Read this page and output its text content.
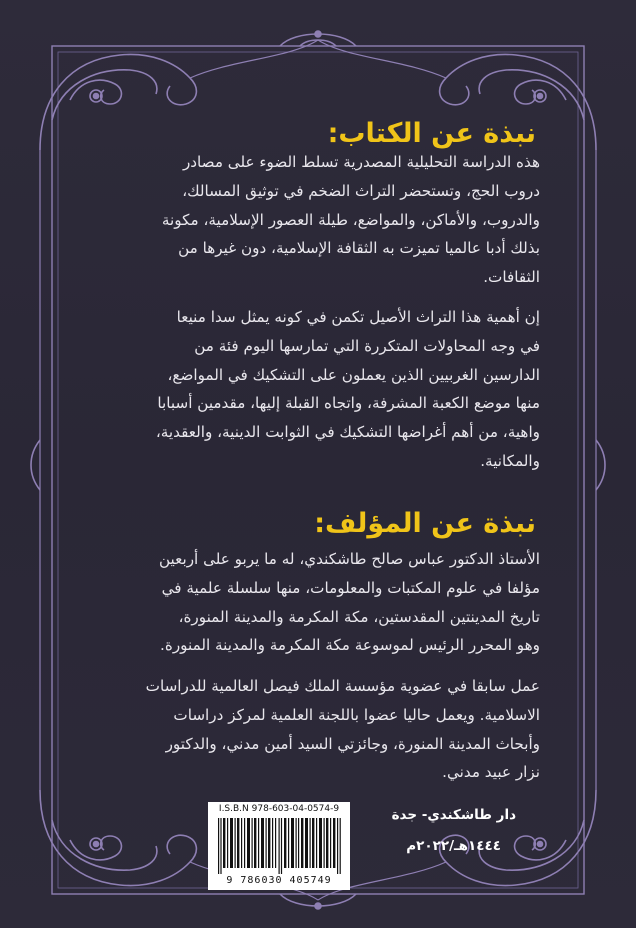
نبذة عن الكتاب:
هذه الدراسة التحليلية المصدرية تسلط الضوء على مصادر
دروب الحج، وتستحضر التراث الضخم في توثيق المسالك،
والدروب، والأماكن، والمواضع، طيلة العصور الإسلامية، مكونة
بذلك أدبا عالميا تميزت به الثقافة الإسلامية، دون غيرها من
الثقافات.
إن أهمية هذا التراث الأصيل تكمن في كونه يمثل سدا منيعا
في وجه المحاولات المتكررة التي تمارسها اليوم فئة من
الدارسين الغربيين الذين يعملون على التشكيك في المواضع،
منها موضع الكعبة المشرفة، واتجاه القبلة إليها، مقدمين أسبابا
واهية، من أهم أغراضها التشكيك في الثوابت الدينية، والعقدية،
والمكانية.
نبذة عن المؤلف:
الأستاذ الدكتور عباس صالح طاشكندي، له ما يربو على أربعين
مؤلفا في علوم المكتبات والمعلومات، منها سلسلة علمية في
تاريخ المدينتين المقدستين، مكة المكرمة والمدينة المنورة،
وهو المحرر الرئيس لموسوعة مكة المكرمة والمدينة المنورة.
عمل سابقا في عضوية مؤسسة الملك فيصل العالمية للدراسات
الاسلامية. ويعمل حاليا عضوا باللجنة العلمية لمركز دراسات
وأبحاث المدينة المنورة، وجائزتي السيد أمين مدني، والدكتور
نزار عبيد مدني.
دار طاشكندي- جدة
١٤٤٤هـ/٢٠٢٢م
I.S.B.N 978-603-04-0574-9
9 786030 405749
